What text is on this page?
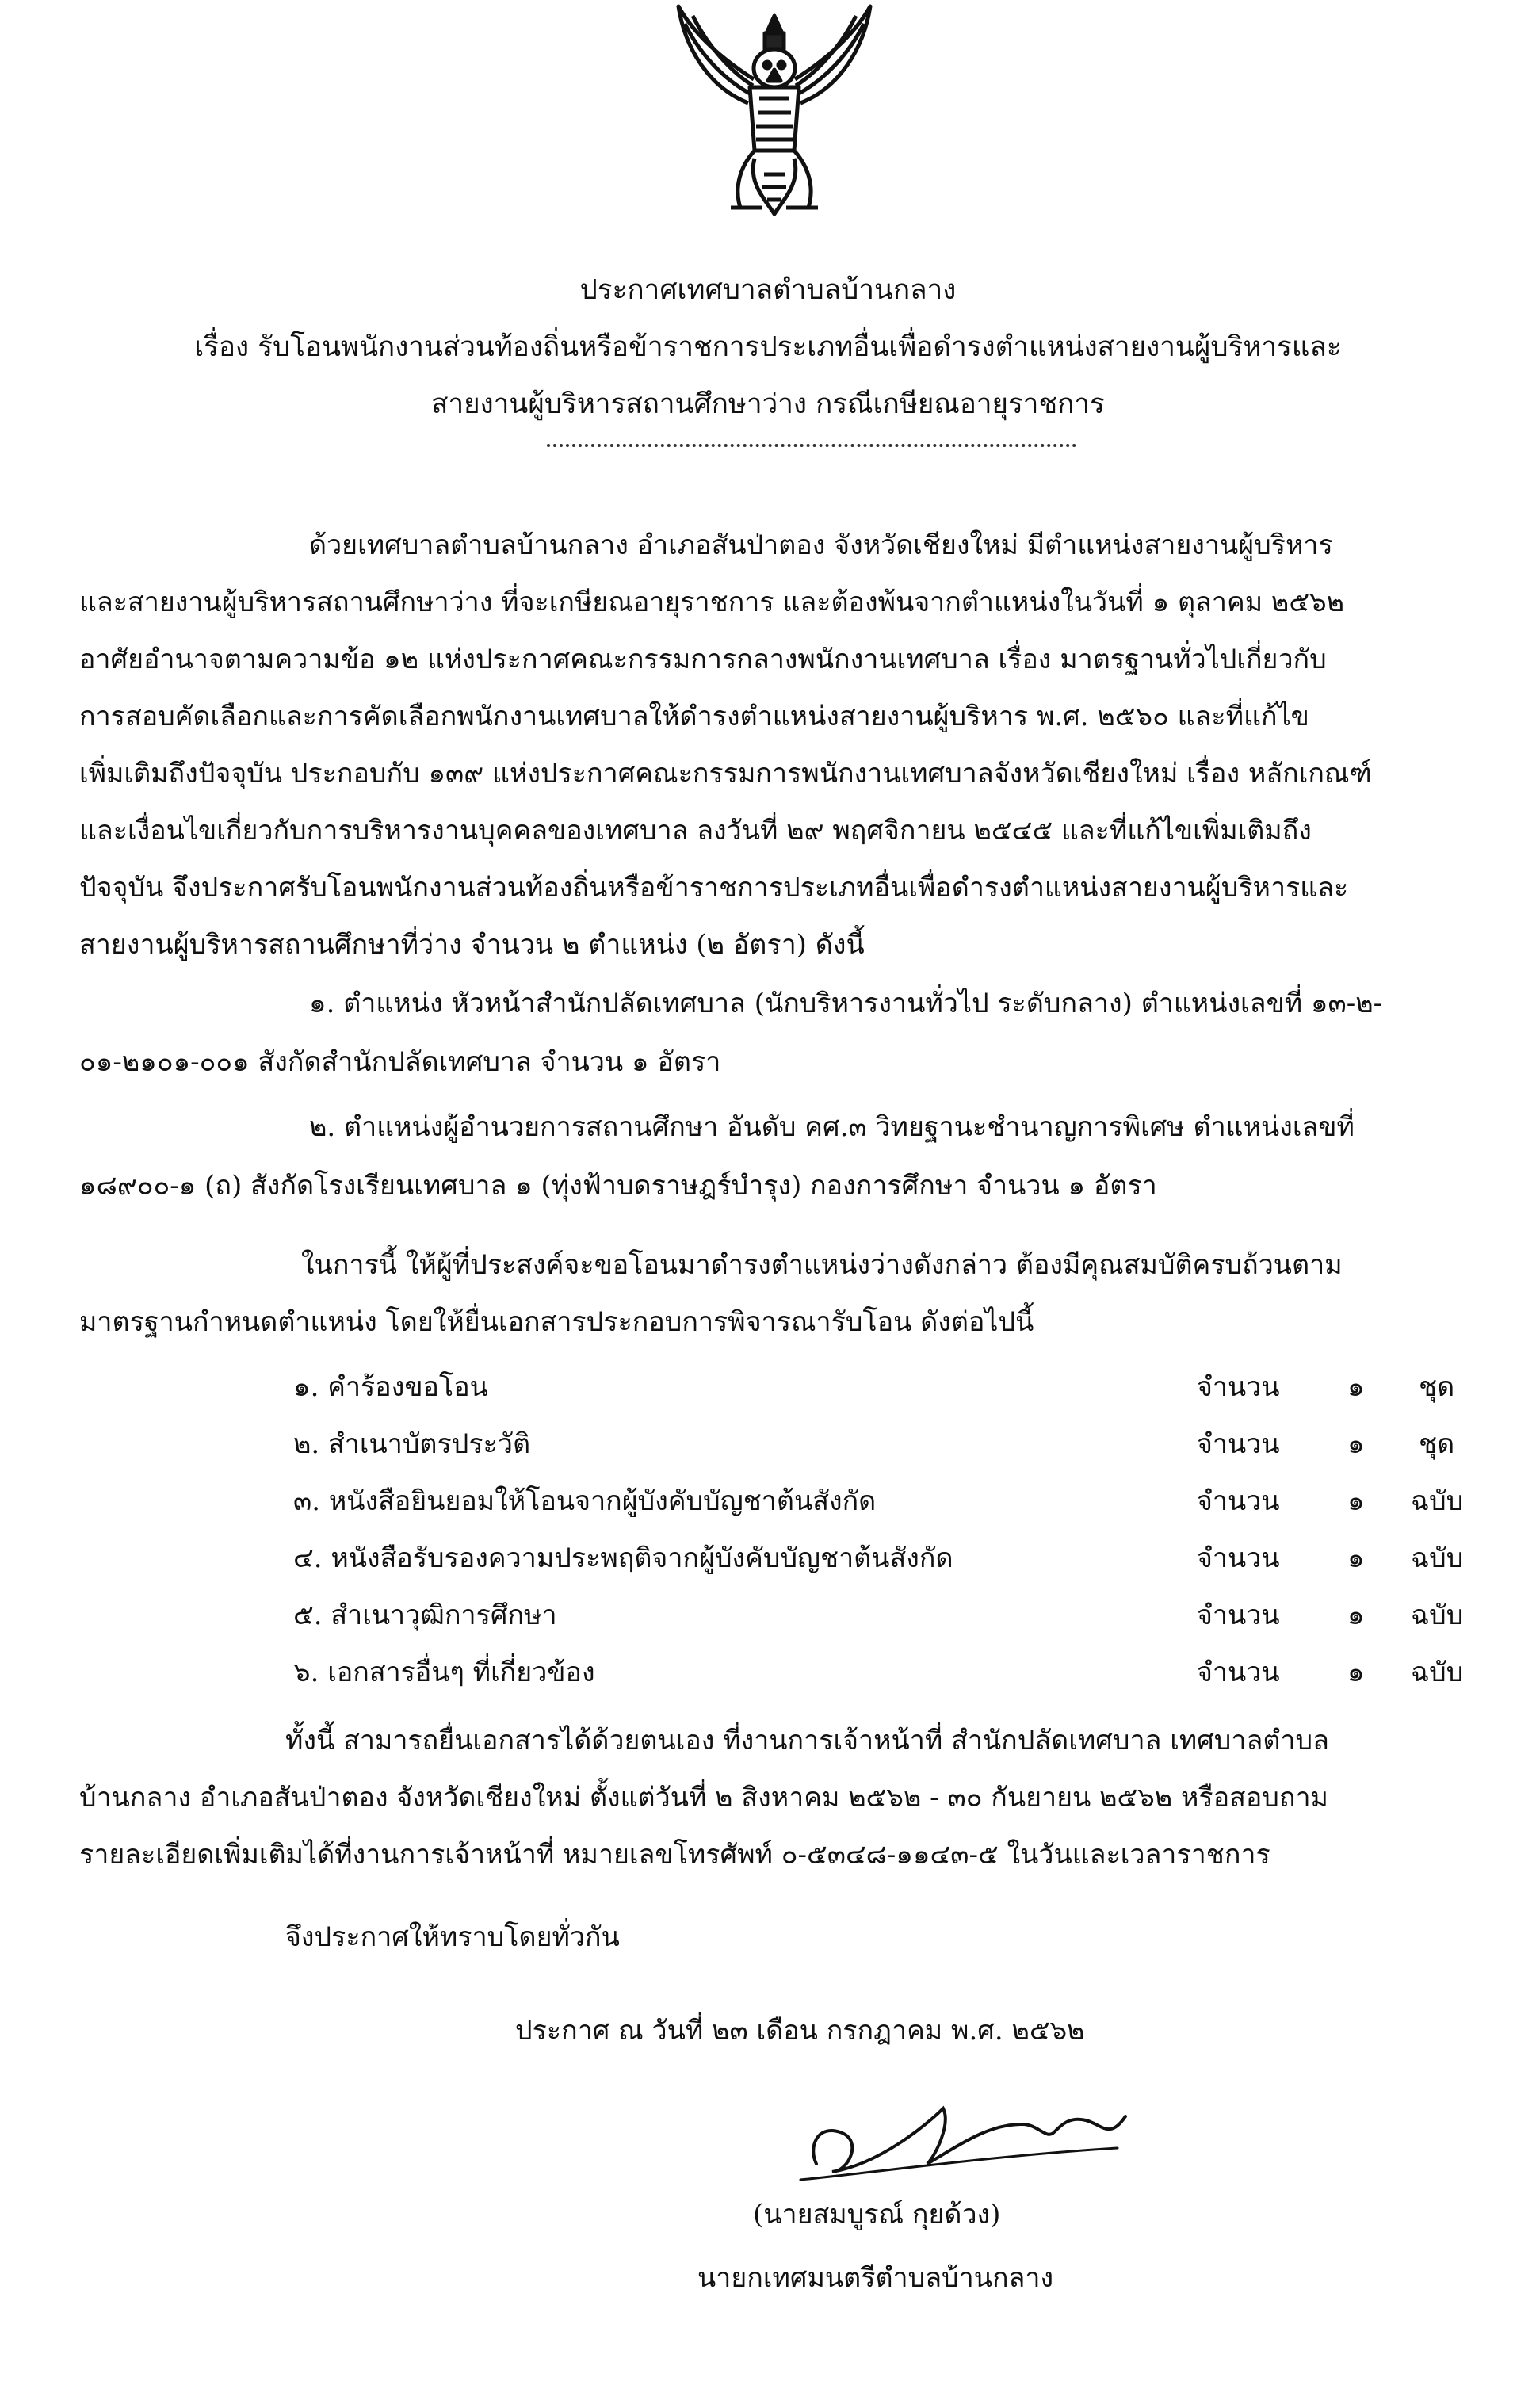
ประกาศเทศบาลตำบลบ้านกลาง
เรื่อง รับโอนพนักงานส่วนท้องถิ่นหรือข้าราชการประเภทอื่นเพื่อดำรงตำแหน่งสายงานผู้บริหารและ
สายงานผู้บริหารสถานศึกษาว่าง กรณีเกษียณอายุราชการ
ด้วยเทศบาลตำบลบ้านกลาง อำเภอสันป่าตอง จังหวัดเชียงใหม่ มีตำแหน่งสายงานผู้บริหาร
และสายงานผู้บริหารสถานศึกษาว่าง ที่จะเกษียณอายุราชการ และต้องพ้นจากตำแหน่งในวันที่ ๑ ตุลาคม ๒๕๖๒
อาศัยอำนาจตามความข้อ ๑๒ แห่งประกาศคณะกรรมการกลางพนักงานเทศบาล เรื่อง มาตรฐานทั่วไปเกี่ยวกับ
การสอบคัดเลือกและการคัดเลือกพนักงานเทศบาลให้ดำรงตำแหน่งสายงานผู้บริหาร พ.ศ. ๒๕๖๐ และที่แก้ไข
เพิ่มเติมถึงปัจจุบัน ประกอบกับ ๑๓๙ แห่งประกาศคณะกรรมการพนักงานเทศบาลจังหวัดเชียงใหม่ เรื่อง หลักเกณฑ์
และเงื่อนไขเกี่ยวกับการบริหารงานบุคคลของเทศบาล ลงวันที่ ๒๙ พฤศจิกายน ๒๕๔๕ และที่แก้ไขเพิ่มเติมถึง
ปัจจุบัน จึงประกาศรับโอนพนักงานส่วนท้องถิ่นหรือข้าราชการประเภทอื่นเพื่อดำรงตำแหน่งสายงานผู้บริหารและ
สายงานผู้บริหารสถานศึกษาที่ว่าง จำนวน ๒ ตำแหน่ง (๒ อัตรา) ดังนี้
๑. ตำแหน่ง หัวหน้าสำนักปลัดเทศบาล (นักบริหารงานทั่วไป ระดับกลาง) ตำแหน่งเลขที่ ๑๓-๒-
๐๑-๒๑๐๑-๐๐๑ สังกัดสำนักปลัดเทศบาล จำนวน ๑ อัตรา
๒. ตำแหน่งผู้อำนวยการสถานศึกษา อันดับ คศ.๓ วิทยฐานะชำนาญการพิเศษ ตำแหน่งเลขที่
๑๘๙๐๐-๑ (ถ) สังกัดโรงเรียนเทศบาล ๑ (ทุ่งฟ้าบดราษฎร์บำรุง) กองการศึกษา จำนวน ๑ อัตรา
ในการนี้ ให้ผู้ที่ประสงค์จะขอโอนมาดำรงตำแหน่งว่างดังกล่าว ต้องมีคุณสมบัติครบถ้วนตาม
มาตรฐานกำหนดตำแหน่ง โดยให้ยื่นเอกสารประกอบการพิจารณารับโอน ดังต่อไปนี้
๑. คำร้องขอโอน	จำนวน	๑ ชุด
๒. สำเนาบัตรประวัติ	จำนวน	๑ ชุด
๓. หนังสือยินยอมให้โอนจากผู้บังคับบัญชาต้นสังกัด	จำนวน	๑ ฉบับ
๔. หนังสือรับรองความประพฤติจากผู้บังคับบัญชาต้นสังกัด	จำนวน	๑ ฉบับ
๕. สำเนาวุฒิการศึกษา	จำนวน	๑ ฉบับ
๖. เอกสารอื่นๆ ที่เกี่ยวข้อง	จำนวน	๑ ฉบับ
ทั้งนี้ สามารถยื่นเอกสารได้ด้วยตนเอง ที่งานการเจ้าหน้าที่ สำนักปลัดเทศบาล เทศบาลตำบล
บ้านกลาง อำเภอสันป่าตอง จังหวัดเชียงใหม่ ตั้งแต่วันที่ ๒ สิงหาคม ๒๕๖๒ - ๓๐ กันยายน ๒๕๖๒ หรือสอบถาม
รายละเอียดเพิ่มเติมได้ที่งานการเจ้าหน้าที่ หมายเลขโทรศัพท์ ๐-๕๓๔๘-๑๑๔๓-๕ ในวันและเวลาราชการ
จึงประกาศให้ทราบโดยทั่วกัน
ประกาศ ณ วันที่ ๒๓ เดือน กรกฎาคม พ.ศ. ๒๕๖๒
(นายสมบูรณ์ กุยด้วง)
นายกเทศมนตรีตำบลบ้านกลาง
